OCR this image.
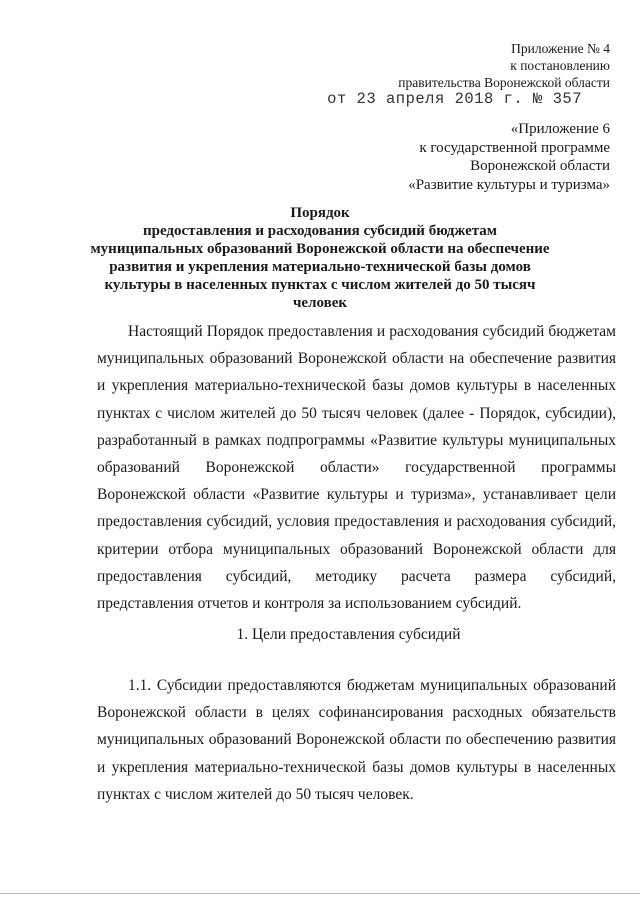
Приложение № 4
к постановлению
правительства Воронежской области
от 23 апреля 2018 г. № 357
«Приложение 6
к государственной программе
Воронежской области
«Развитие культуры и туризма»
Порядок
предоставления и расходования субсидий бюджетам
муниципальных образований Воронежской области на обеспечение
развития и укрепления материально-технической базы домов
культуры в населенных пунктах с числом жителей до 50 тысяч
человек
Настоящий Порядок предоставления и расходования субсидий бюджетам муниципальных образований Воронежской области на обеспечение развития и укрепления материально-технической базы домов культуры в населенных пунктах с числом жителей до 50 тысяч человек (далее - Порядок, субсидии), разработанный в рамках подпрограммы «Развитие культуры муниципальных образований Воронежской области» государственной программы Воронежской области «Развитие культуры и туризма», устанавливает цели предоставления субсидий, условия предоставления и расходования субсидий, критерии отбора муниципальных образований Воронежской области для предоставления субсидий, методику расчета размера субсидий, представления отчетов и контроля за использованием субсидий.
1. Цели предоставления субсидий
1.1. Субсидии предоставляются бюджетам муниципальных образований Воронежской области в целях софинансирования расходных обязательств муниципальных образований Воронежской области по обеспечению развития и укрепления материально-технической базы домов культуры в населенных пунктах с числом жителей до 50 тысяч человек.
